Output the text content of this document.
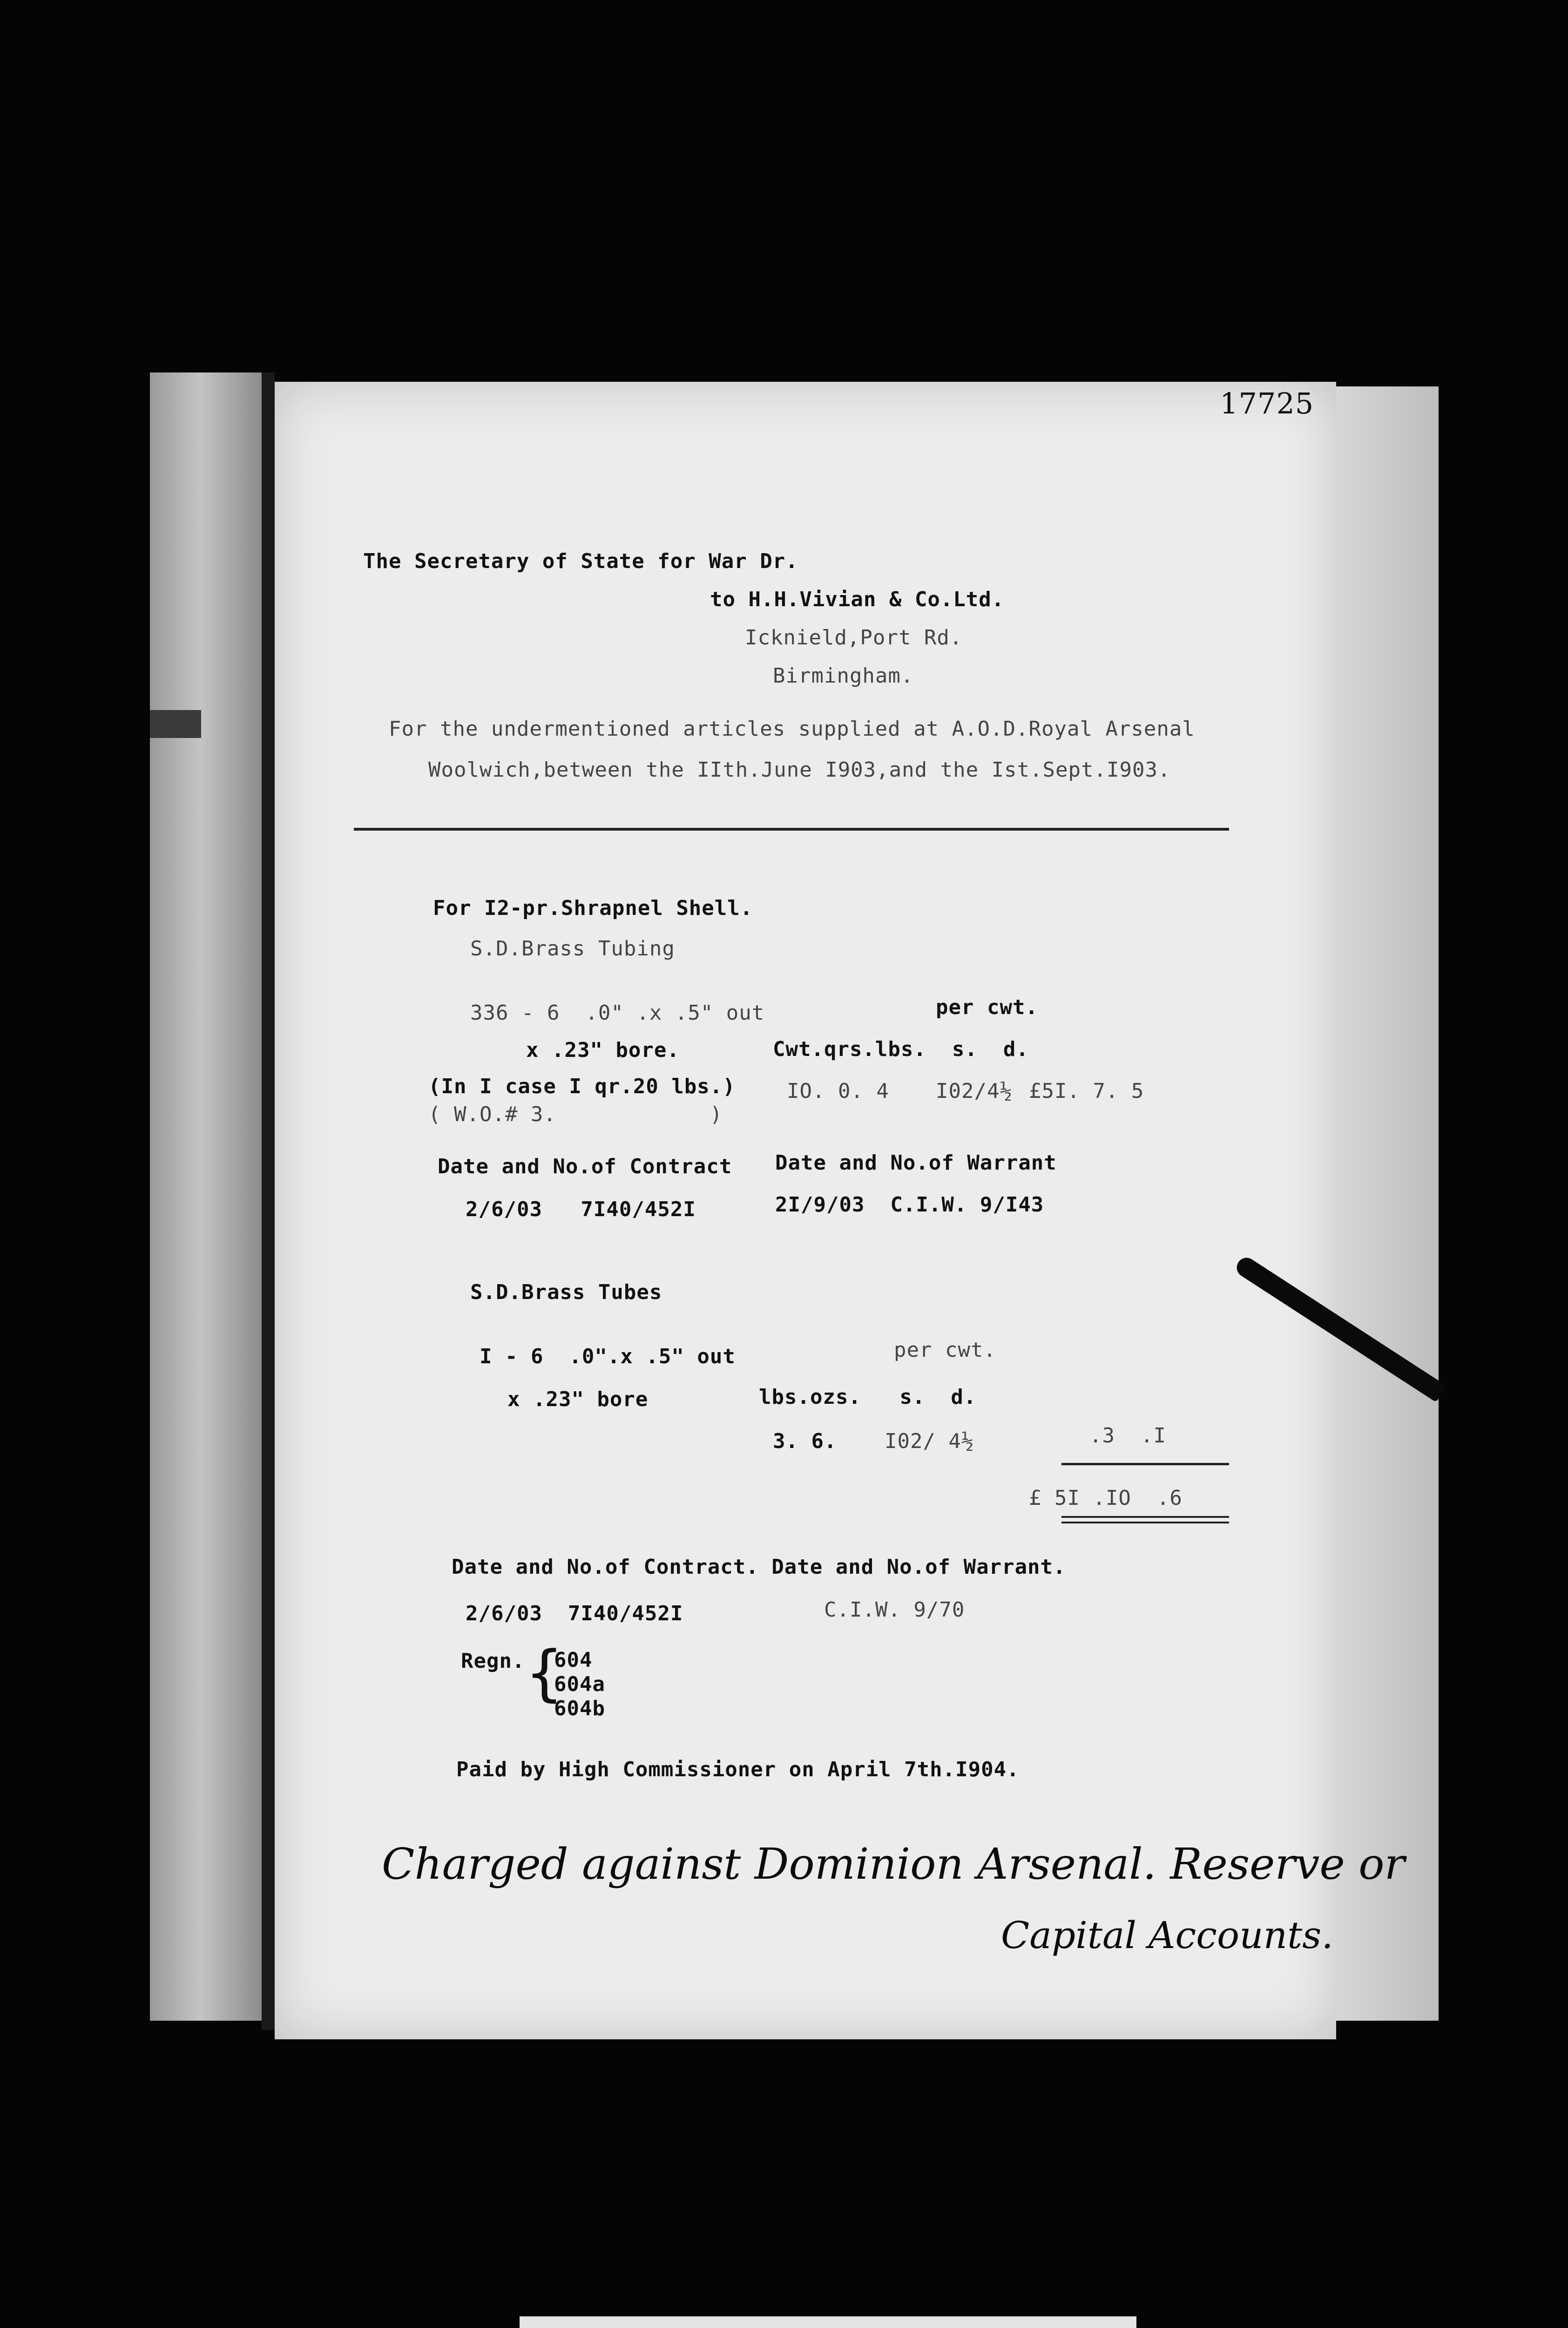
17725
The Secretary of State for War Dr.
to H.H.Vivian & Co.Ltd.
Icknield,Port Rd.
Birmingham.
For the undermentioned articles supplied at A.O.D.Royal Arsenal
Woolwich,between the IIth.June I903,and the Ist.Sept.I903.
For I2-pr.Shrapnel Shell.
S.D.Brass Tubing
336 - 6  .0" .x .5" out	per cwt.
x .23" bore.	Cwt.qrs.lbs.  s.  d.
(In I case I qr.20 lbs.)
( W.O.# 3.            )
IO. 0. 4 I02/4½ £5I. 7. 5
Date and No.of Contract Date and No.of Warrant
2/6/03   7I40/452I	2I/9/03  C.I.W. 9/I43
S.D.Brass Tubes
I - 6  .0".x .5" out	per cwt.
x .23" bore	lbs.ozs.   s.  d.
3. 6. I02/ 4½	.3  .I
£ 5I .IO  .6
Date and No.of Contract. Date and No.of Warrant.
2/6/03  7I40/452I	C.I.W. 9/70
Regn. {
604
604a
604b
Paid by High Commissioner on April 7th.I904.
Charged against Dominion Arsenal. Reserve or
Capital Accounts.
